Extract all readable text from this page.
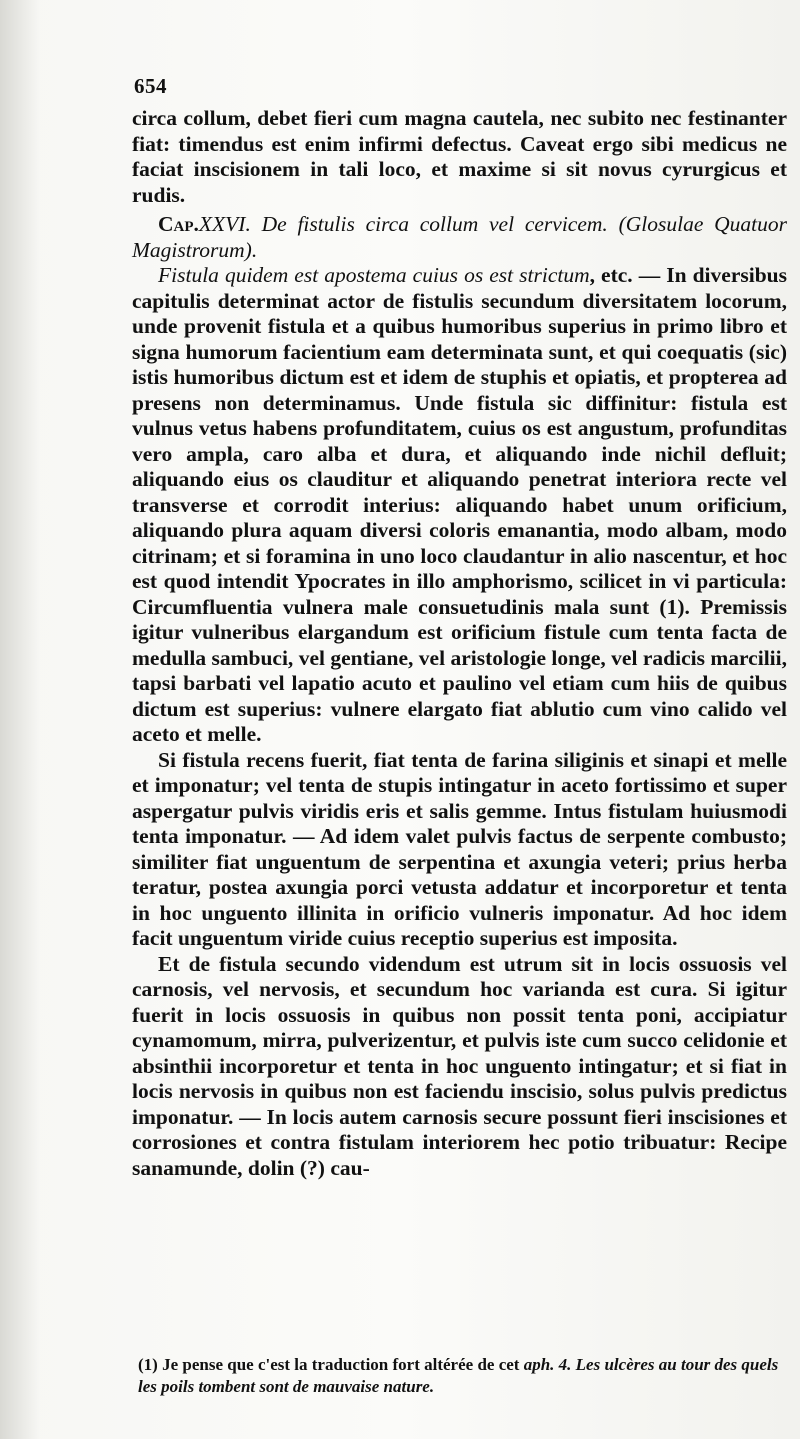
654

circa collum, debet fieri cum magna cautela, nec subito nec festinanter fiat: timendus est enim infirmi defectus. Caveat ergo sibi medicus ne faciat inscisionem in tali loco, et maxime si sit novus cyrurgicus et rudis.

Cap.XXVI. De fistulis circa collum vel cervicem. (Glosulae Quatuor Magistrorum).

Fistula quidem est apostema cuius os est strictum, etc. — In diversibus capitulis determinat actor de fistulis secundum diversitatem locorum, unde provenit fistula et a quibus humoribus superius in primo libro et signa humorum facientium eam determinata sunt, et qui coequatis (sic) istis humoribus dictum est et idem de stuphis et opiatis, et propterea ad presens non determinamus. Unde fistula sic diffinitur: fistula est vulnus vetus habens profunditatem, cuius os est angustum, profunditas vero ampla, caro alba et dura, et aliquando inde nichil defluit; aliquando eius os clauditur et aliquando penetrat interiora recte vel transverse et corrodit interius: aliquando habet unum orificium, aliquando plura aquam diversi coloris emanantia, modo albam, modo citrinam; et si foramina in uno loco claudantur in alio nascentur, et hoc est quod intendit Ypocrates in illo amphorismo, scilicet in vi particula: Circumfluentia vulnera male consuetudinis mala sunt (1). Premissis igitur vulneribus elargandum est orificium fistule cum tenta facta de medulla sambuci, vel gentiane, vel aristologie longe, vel radicis marcilii, tapsi barbati vel lapatio acuto et paulino vel etiam cum hiis de quibus dictum est superius: vulnere elargato fiat ablutio cum vino calido vel aceto et melle.

Si fistula recens fuerit, fiat tenta de farina siliginis et sinapi et melle et imponatur; vel tenta de stupis intingatur in aceto fortissimo et super aspergatur pulvis viridis eris et salis gemme. Intus fistulam huiusmodi tenta imponatur. — Ad idem valet pulvis factus de serpente combusto; similiter fiat unguentum de serpentina et axungia veteri; prius herba teratur, postea axungia porci vetusta addatur et incorporetur et tenta in hoc unguento illinita in orificio vulneris imponatur. Ad hoc idem facit unguentum viride cuius receptio superius est imposita.

Et de fistula secundo videndum est utrum sit in locis ossuosis vel carnosis, vel nervosis, et secundum hoc varianda est cura. Si igitur fuerit in locis ossuosis in quibus non possit tenta poni, accipiatur cynamomum, mirra, pulverizentur, et pulvis iste cum succo celidonie et absinthii incorporetur et tenta in hoc unguento intingatur; et si fiat in locis nervosis in quibus non est faciendu inscisio, solus pulvis predictus imponatur. — In locis autem carnosis secure possunt fieri inscisiones et corrosiones et contra fistulam interiorem hec potio tribuatur: Recipe sanamunde, dolin (?) cau-

(1) Je pense que c'est la traduction fort altérée de cet aph. 4. Les ulcères au tour des quels les poils tombent sont de mauvaise nature.
